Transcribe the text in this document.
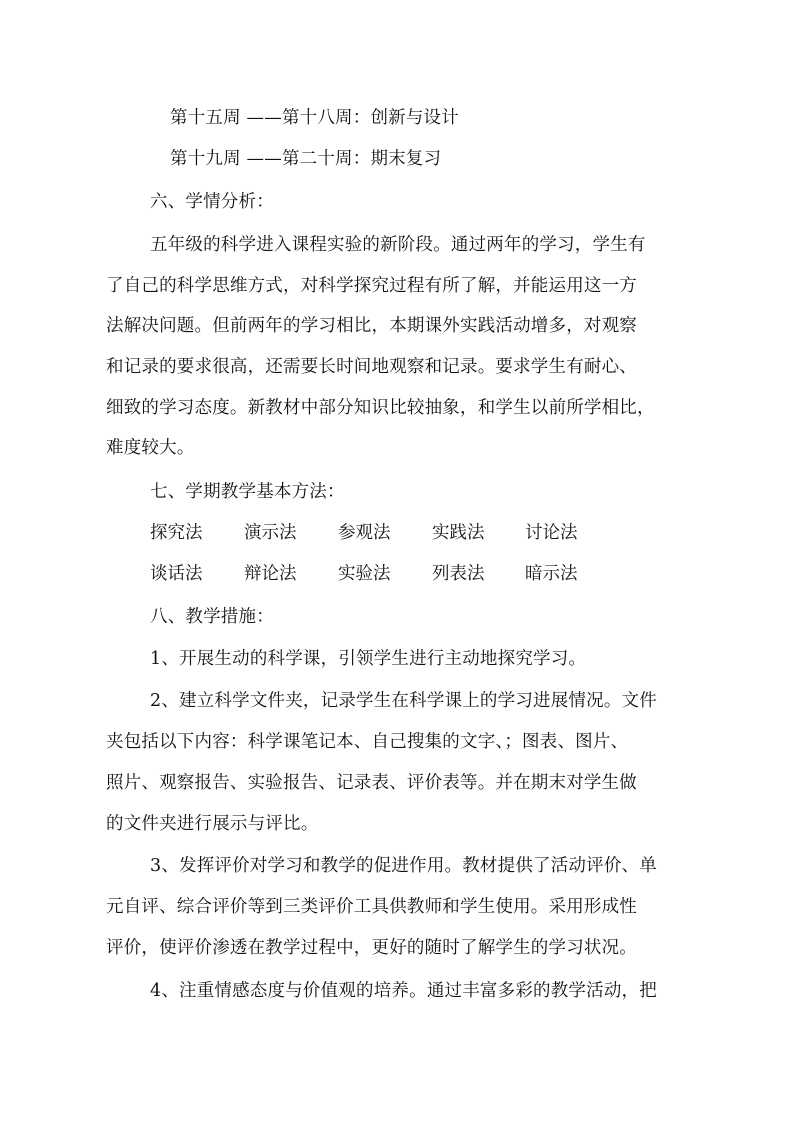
第十五周 ——第十八周：创新与设计
第十九周 ——第二十周：期末复习
六、学情分析：
五年级的科学进入课程实验的新阶段。通过两年的学习，学生有
了自己的科学思维方式，对科学探究过程有所了解，并能运用这一方
法解决问题。但前两年的学习相比，本期课外实践活动增多，对观察
和记录的要求很高，还需要长时间地观察和记录。要求学生有耐心、
细致的学习态度。新教材中部分知识比较抽象，和学生以前所学相比，
难度较大。
七、学期教学基本方法：
探究法 演示法 参观法 实践法 讨论法
谈话法 辩论法 实验法 列表法 暗示法
八、教学措施：
1、开展生动的科学课，引领学生进行主动地探究学习。
2、建立科学文件夹，记录学生在科学课上的学习进展情况。文件
夹包括以下内容：科学课笔记本、自己搜集的文字、；图表、图片、
照片、观察报告、实验报告、记录表、评价表等。并在期末对学生做
的文件夹进行展示与评比。
3、发挥评价对学习和教学的促进作用。教材提供了活动评价、单
元自评、综合评价等到三类评价工具供教师和学生使用。采用形成性
评价，使评价渗透在教学过程中，更好的随时了解学生的学习状况。
4、注重情感态度与价值观的培养。通过丰富多彩的教学活动，把
